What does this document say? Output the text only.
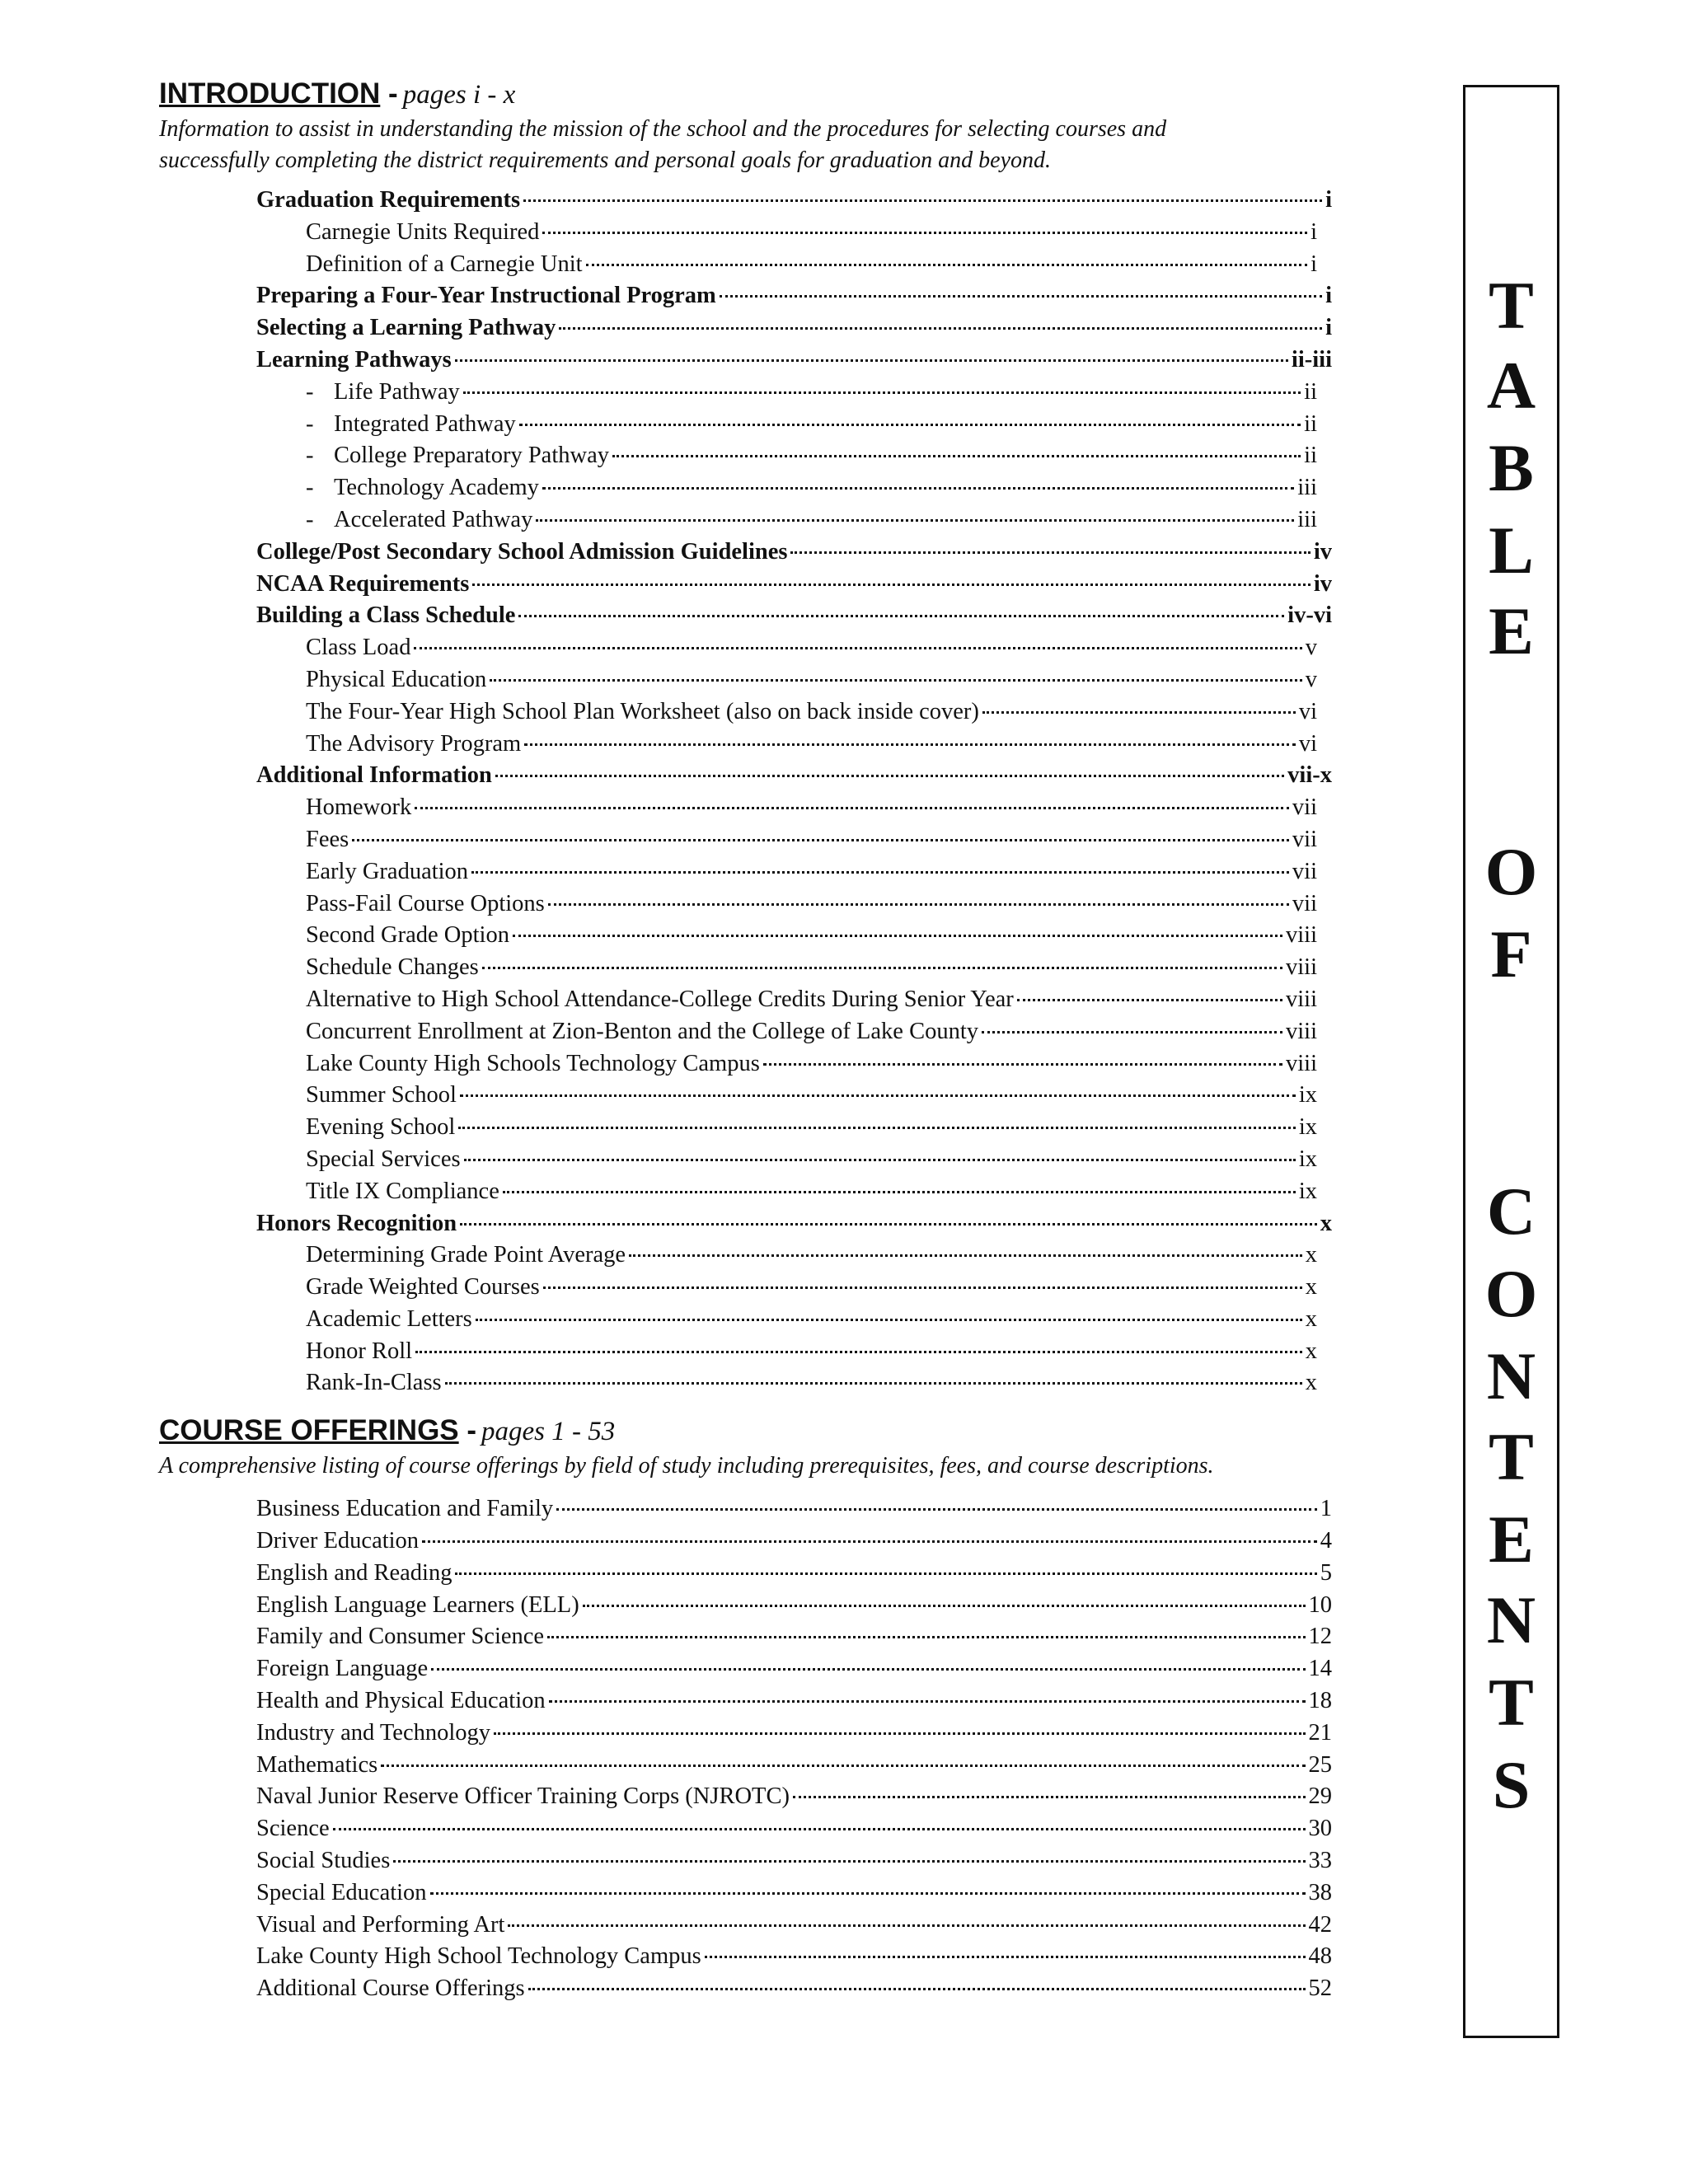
INTRODUCTION - pages i - x
Information to assist in understanding the mission of the school and the procedures for selecting courses and
successfully completing the district requirements and personal goals for graduation and beyond.
Graduation Requirements	i
Carnegie Units Required	i
Definition of a Carnegie Unit	i
Preparing a Four-Year Instructional Program	i
Selecting a Learning Pathway	i
Learning Pathways	ii-iii
- Life Pathway	ii
- Integrated Pathway	ii
- College Preparatory Pathway	ii
- Technology Academy	iii
- Accelerated Pathway	iii
College/Post Secondary School Admission Guidelines	iv
NCAA Requirements	iv
Building a Class Schedule	iv-vi
Class Load	v
Physical Education	v
The Four-Year High School Plan Worksheet (also on back inside cover)	vi
The Advisory Program	vi
Additional Information	vii-x
Homework	vii
Fees	vii
Early Graduation	vii
Pass-Fail Course Options	vii
Second Grade Option	viii
Schedule Changes	viii
Alternative to High School Attendance-College Credits During Senior Year	viii
Concurrent Enrollment at Zion-Benton and the College of Lake County	viii
Lake County High Schools Technology Campus	viii
Summer School	ix
Evening School	ix
Special Services	ix
Title IX Compliance	ix
Honors Recognition	x
Determining Grade Point Average	x
Grade Weighted Courses	x
Academic Letters	x
Honor Roll	x
Rank-In-Class	x
COURSE OFFERINGS - pages 1 - 53
A comprehensive listing of course offerings by field of study including prerequisites, fees, and course descriptions.
Business Education and Family	1
Driver Education	4
English and Reading	5
English Language Learners (ELL)	10
Family and Consumer Science	12
Foreign Language	14
Health and Physical Education	18
Industry and Technology	21
Mathematics	25
Naval Junior Reserve Officer Training Corps (NJROTC)	29
Science	30
Social Studies	33
Special Education	38
Visual and Performing Art	42
Lake County High School Technology Campus	48
Additional Course Offerings	52
T
A
B
L
E
O
F
C
O
N
T
E
N
T
S
